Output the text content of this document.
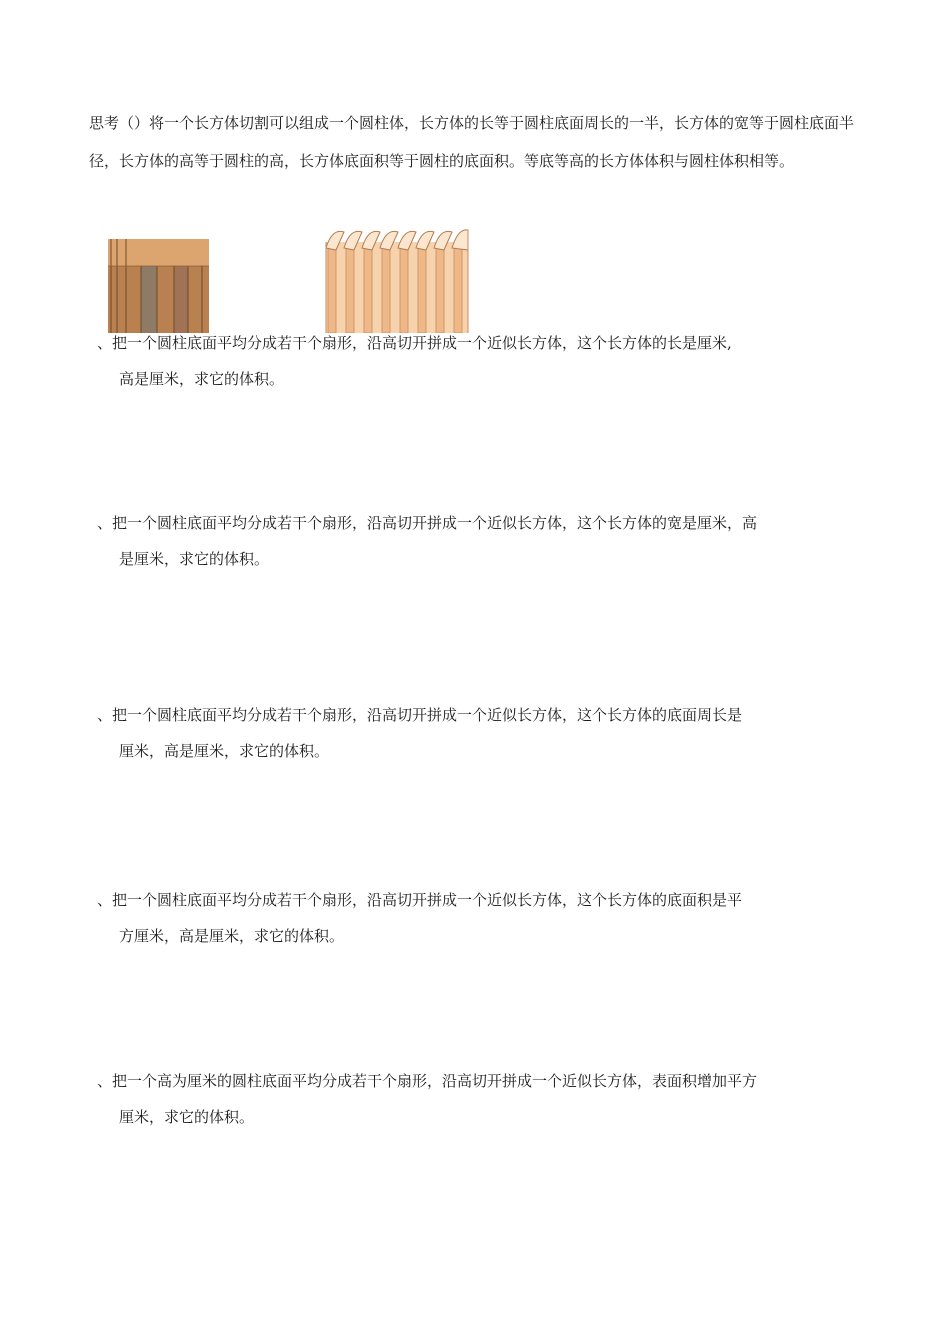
思考（）将一个长方体切割可以组成一个圆柱体，长方体的长等于圆柱底面周长的一半，长方体的宽等于圆柱底面半径，长方体的高等于圆柱的高，长方体底面积等于圆柱的底面积。等底等高的长方体体积与圆柱体积相等。

、把一个圆柱底面平均分成若干个扇形，沿高切开拼成一个近似长方体，这个长方体的长是厘米,
高是厘米，求它的体积。

、把一个圆柱底面平均分成若干个扇形，沿高切开拼成一个近似长方体，这个长方体的宽是厘米，高
是厘米，求它的体积。

、把一个圆柱底面平均分成若干个扇形，沿高切开拼成一个近似长方体，这个长方体的底面周长是
厘米，高是厘米，求它的体积。

、把一个圆柱底面平均分成若干个扇形，沿高切开拼成一个近似长方体，这个长方体的底面积是平
方厘米，高是厘米，求它的体积。

、把一个高为厘米的圆柱底面平均分成若干个扇形，沿高切开拼成一个近似长方体，表面积增加平方
厘米，求它的体积。
